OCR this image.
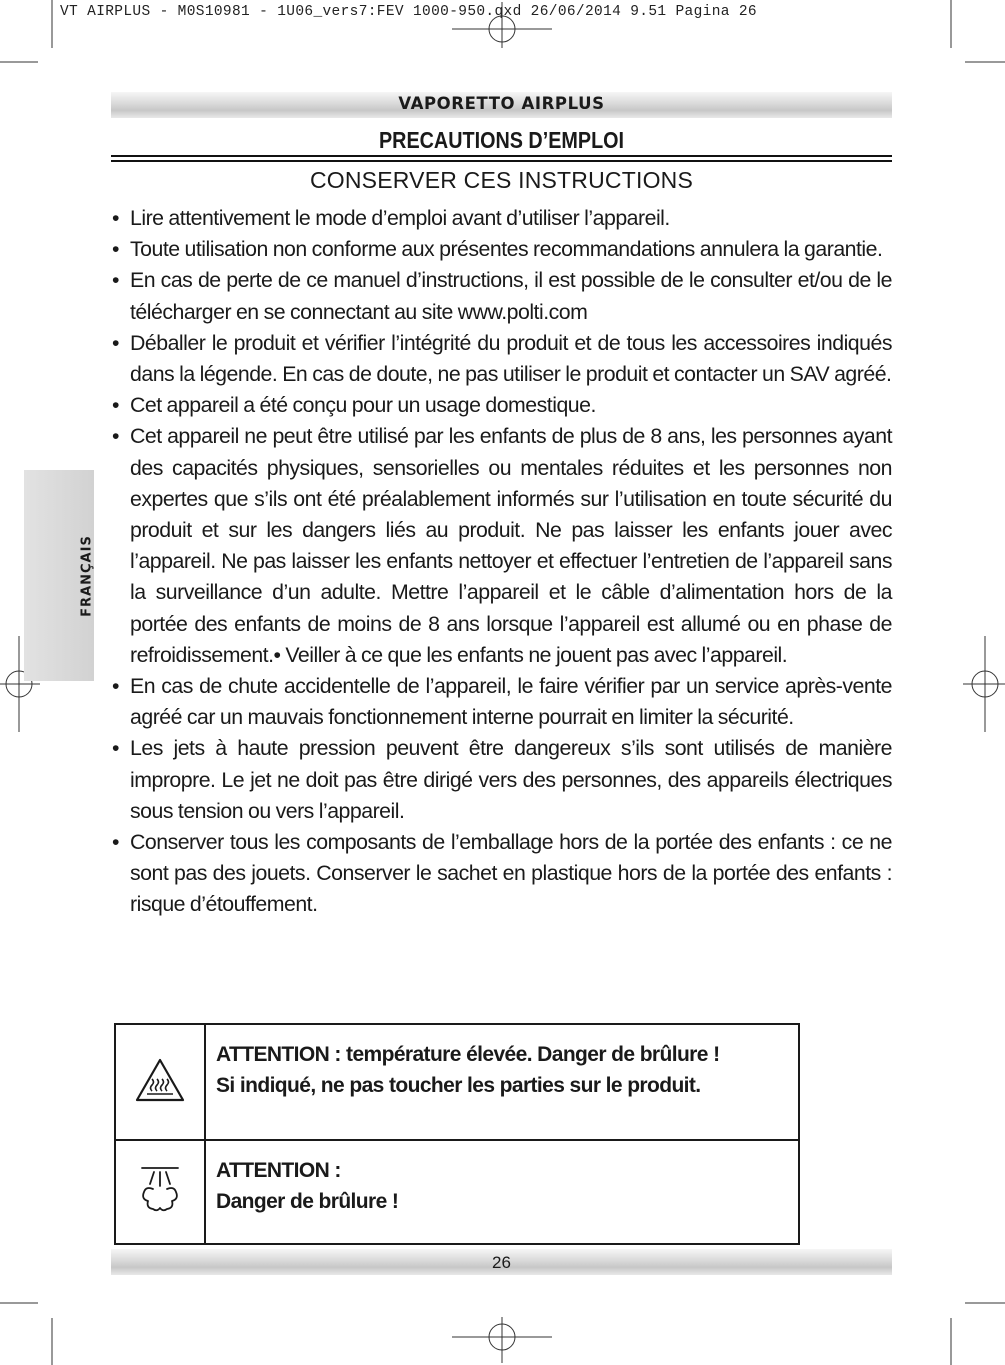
VT AIRPLUS - M0S10981 - 1U06_vers7:FEV 1000-950.qxd 26/06/2014 9.51 Pagina 26
VAPORETTO AIRPLUS
FRANÇAIS
PRECAUTIONS D’EMPLOI
CONSERVER CES INSTRUCTIONS
• Lire attentivement le mode d’emploi avant d’utiliser l’appareil.
• Toute utilisation non conforme aux présentes recommandations annulera la garantie.
• En cas de perte de ce manuel d’instructions, il est possible de le consulter et/ou de le télécharger en se connectant au site www.polti.com
• Déballer le produit et vérifier l’intégrité du produit et de tous les accessoires indiqués dans la légende. En cas de doute, ne pas utiliser le produit et contacter un SAV agréé.
• Cet appareil a été conçu pour un usage domestique.
• Cet appareil ne peut être utilisé par les enfants de plus de 8 ans, les personnes ayant des capacités physiques, sensorielles ou mentales réduites et les personnes non expertes que s’ils ont été préalablement informés sur l’utilisation en toute sécurité du produit et sur les dangers liés au produit. Ne pas laisser les enfants jouer avec l’appareil. Ne pas laisser les enfants nettoyer et effectuer l’entretien de l’appareil sans la surveillance d’un adulte. Mettre l’appareil et le câble d’alimentation hors de la portée des enfants de moins de 8 ans lorsque l’appareil est allumé ou en phase de refroidissement.• Veiller à ce que les enfants ne jouent pas avec l’appareil.
• En cas de chute accidentelle de l’appareil, le faire vérifier par un service après-vente agréé car un mauvais fonctionnement interne pourrait en limiter la sécurité.
• Les jets à haute pression peuvent être dangereux s’ils sont utilisés de manière impropre. Le jet ne doit pas être dirigé vers des personnes, des appareils électriques sous tension ou vers l’appareil.
• Conserver tous les composants de l’emballage hors de la portée des enfants : ce ne sont pas des jouets. Conserver le sachet en plastique hors de la portée des enfants : risque d’étouffement.

ATTENTION : température élevée. Danger de brûlure !
Si indiqué, ne pas toucher les parties sur le produit.

ATTENTION :
Danger de brûlure !
26
